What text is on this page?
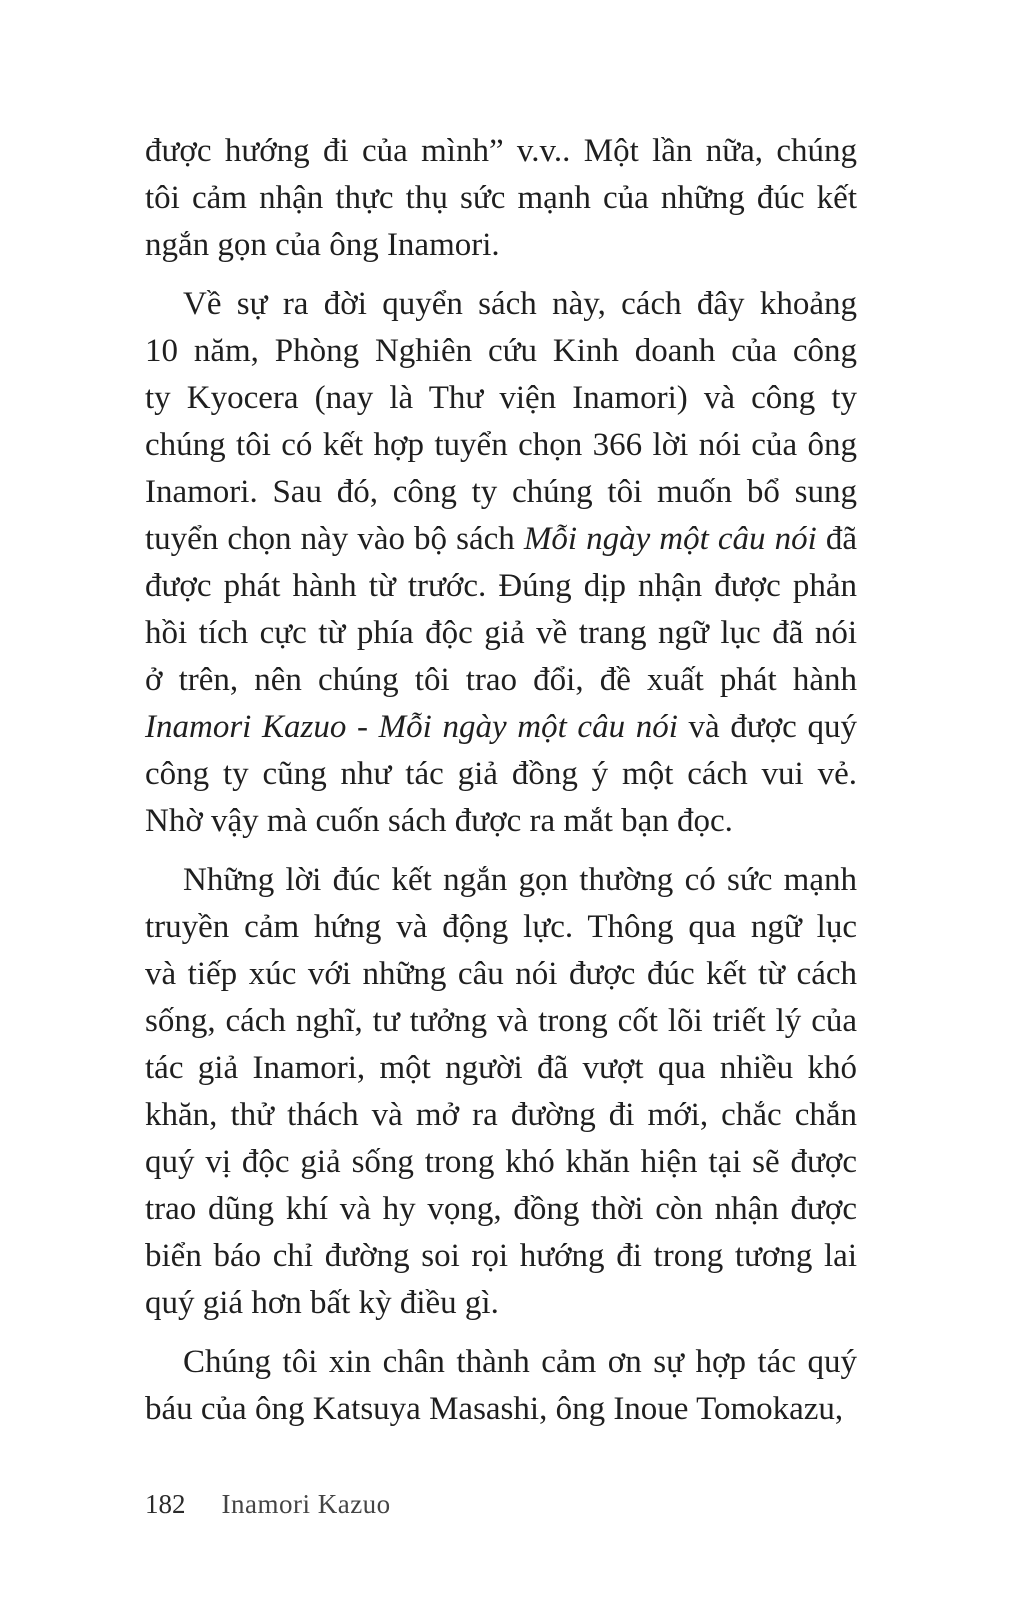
được hướng đi của mình” v.v.. Một lần nữa, chúng
tôi cảm nhận thực thụ sức mạnh của những đúc kết
ngắn gọn của ông Inamori.

Về sự ra đời quyển sách này, cách đây khoảng
10 năm, Phòng Nghiên cứu Kinh doanh của công
ty Kyocera (nay là Thư viện Inamori) và công ty
chúng tôi có kết hợp tuyển chọn 366 lời nói của ông
Inamori. Sau đó, công ty chúng tôi muốn bổ sung
tuyển chọn này vào bộ sách Mỗi ngày một câu nói đã
được phát hành từ trước. Đúng dịp nhận được phản
hồi tích cực từ phía độc giả về trang ngữ lục đã nói
ở trên, nên chúng tôi trao đổi, đề xuất phát hành
Inamori Kazuo - Mỗi ngày một câu nói và được quý
công ty cũng như tác giả đồng ý một cách vui vẻ.
Nhờ vậy mà cuốn sách được ra mắt bạn đọc.

Những lời đúc kết ngắn gọn thường có sức mạnh
truyền cảm hứng và động lực. Thông qua ngữ lục
và tiếp xúc với những câu nói được đúc kết từ cách
sống, cách nghĩ, tư tưởng và trong cốt lõi triết lý của
tác giả Inamori, một người đã vượt qua nhiều khó
khăn, thử thách và mở ra đường đi mới, chắc chắn
quý vị độc giả sống trong khó khăn hiện tại sẽ được
trao dũng khí và hy vọng, đồng thời còn nhận được
biển báo chỉ đường soi rọi hướng đi trong tương lai
quý giá hơn bất kỳ điều gì.

Chúng tôi xin chân thành cảm ơn sự hợp tác quý
báu của ông Katsuya Masashi, ông Inoue Tomokazu,

182 Inamori Kazuo
